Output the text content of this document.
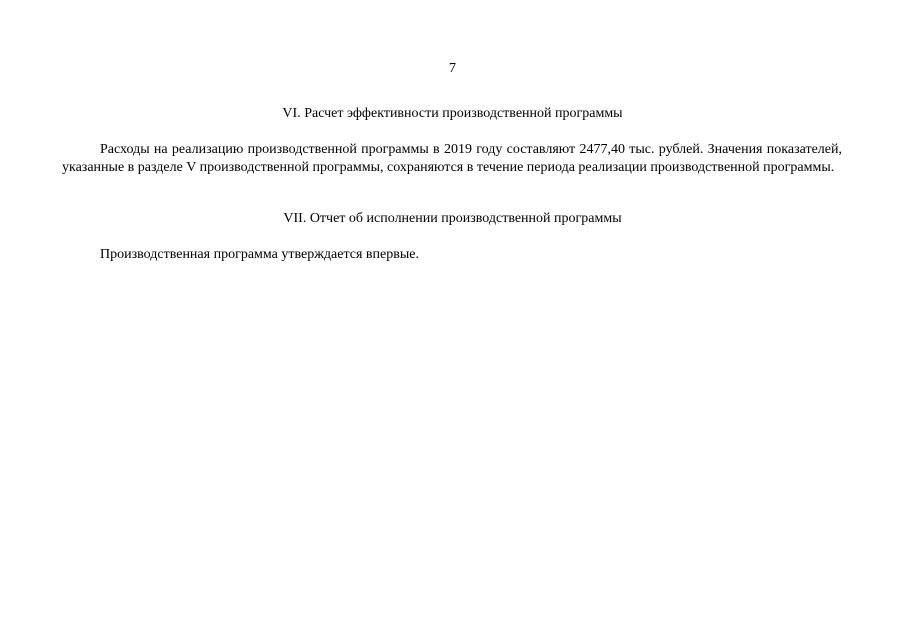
7
VI. Расчет эффективности производственной программы

Расходы на реализацию производственной программы в 2019 году составляют 2477,40 тыс. рублей. Значения показателей, указанные в разделе V производственной программы, сохраняются в течение периода реализации производственной программы.

VII. Отчет об исполнении производственной программы

Производственная программа утверждается впервые.
